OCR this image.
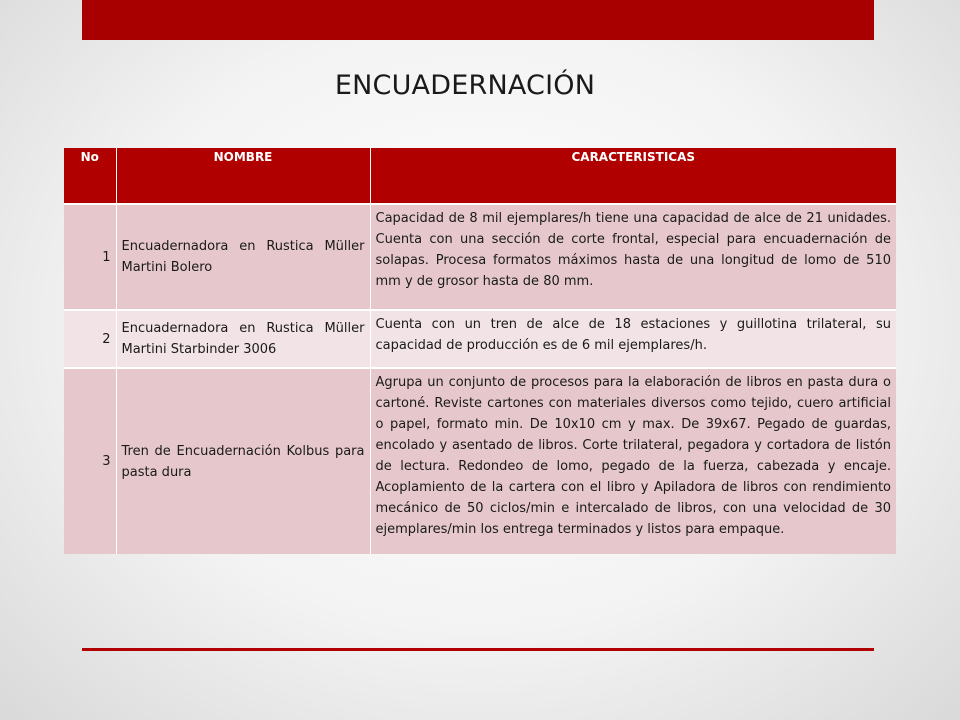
ENCUADERNACIÓN
No	NOMBRE	CARACTERISTICAS
1	Encuadernadora en Rustica Müller Martini Bolero	Capacidad de 8 mil ejemplares/h tiene una capacidad de alce de 21 unidades. Cuenta con una sección de corte frontal, especial para encuadernación de solapas. Procesa formatos máximos hasta de una longitud de lomo de 510 mm y de grosor hasta de 80 mm.
2	Encuadernadora en Rustica Müller Martini Starbinder 3006	Cuenta con un tren de alce de 18 estaciones y guillotina trilateral, su capacidad de producción es de 6 mil ejemplares/h.
3	Tren de Encuadernación Kolbus para pasta dura	Agrupa un conjunto de procesos para la elaboración de libros en pasta dura o cartoné. Reviste cartones con materiales diversos como tejido, cuero artificial o papel, formato min. De 10x10 cm y max. De 39x67. Pegado de guardas, encolado y asentado de libros. Corte trilateral, pegadora y cortadora de listón de lectura. Redondeo de lomo, pegado de la fuerza, cabezada y encaje. Acoplamiento de la cartera con el libro y Apiladora de libros con rendimiento mecánico de 50 ciclos/min e intercalado de libros, con una velocidad de 30 ejemplares/min los entrega terminados y listos para empaque.
